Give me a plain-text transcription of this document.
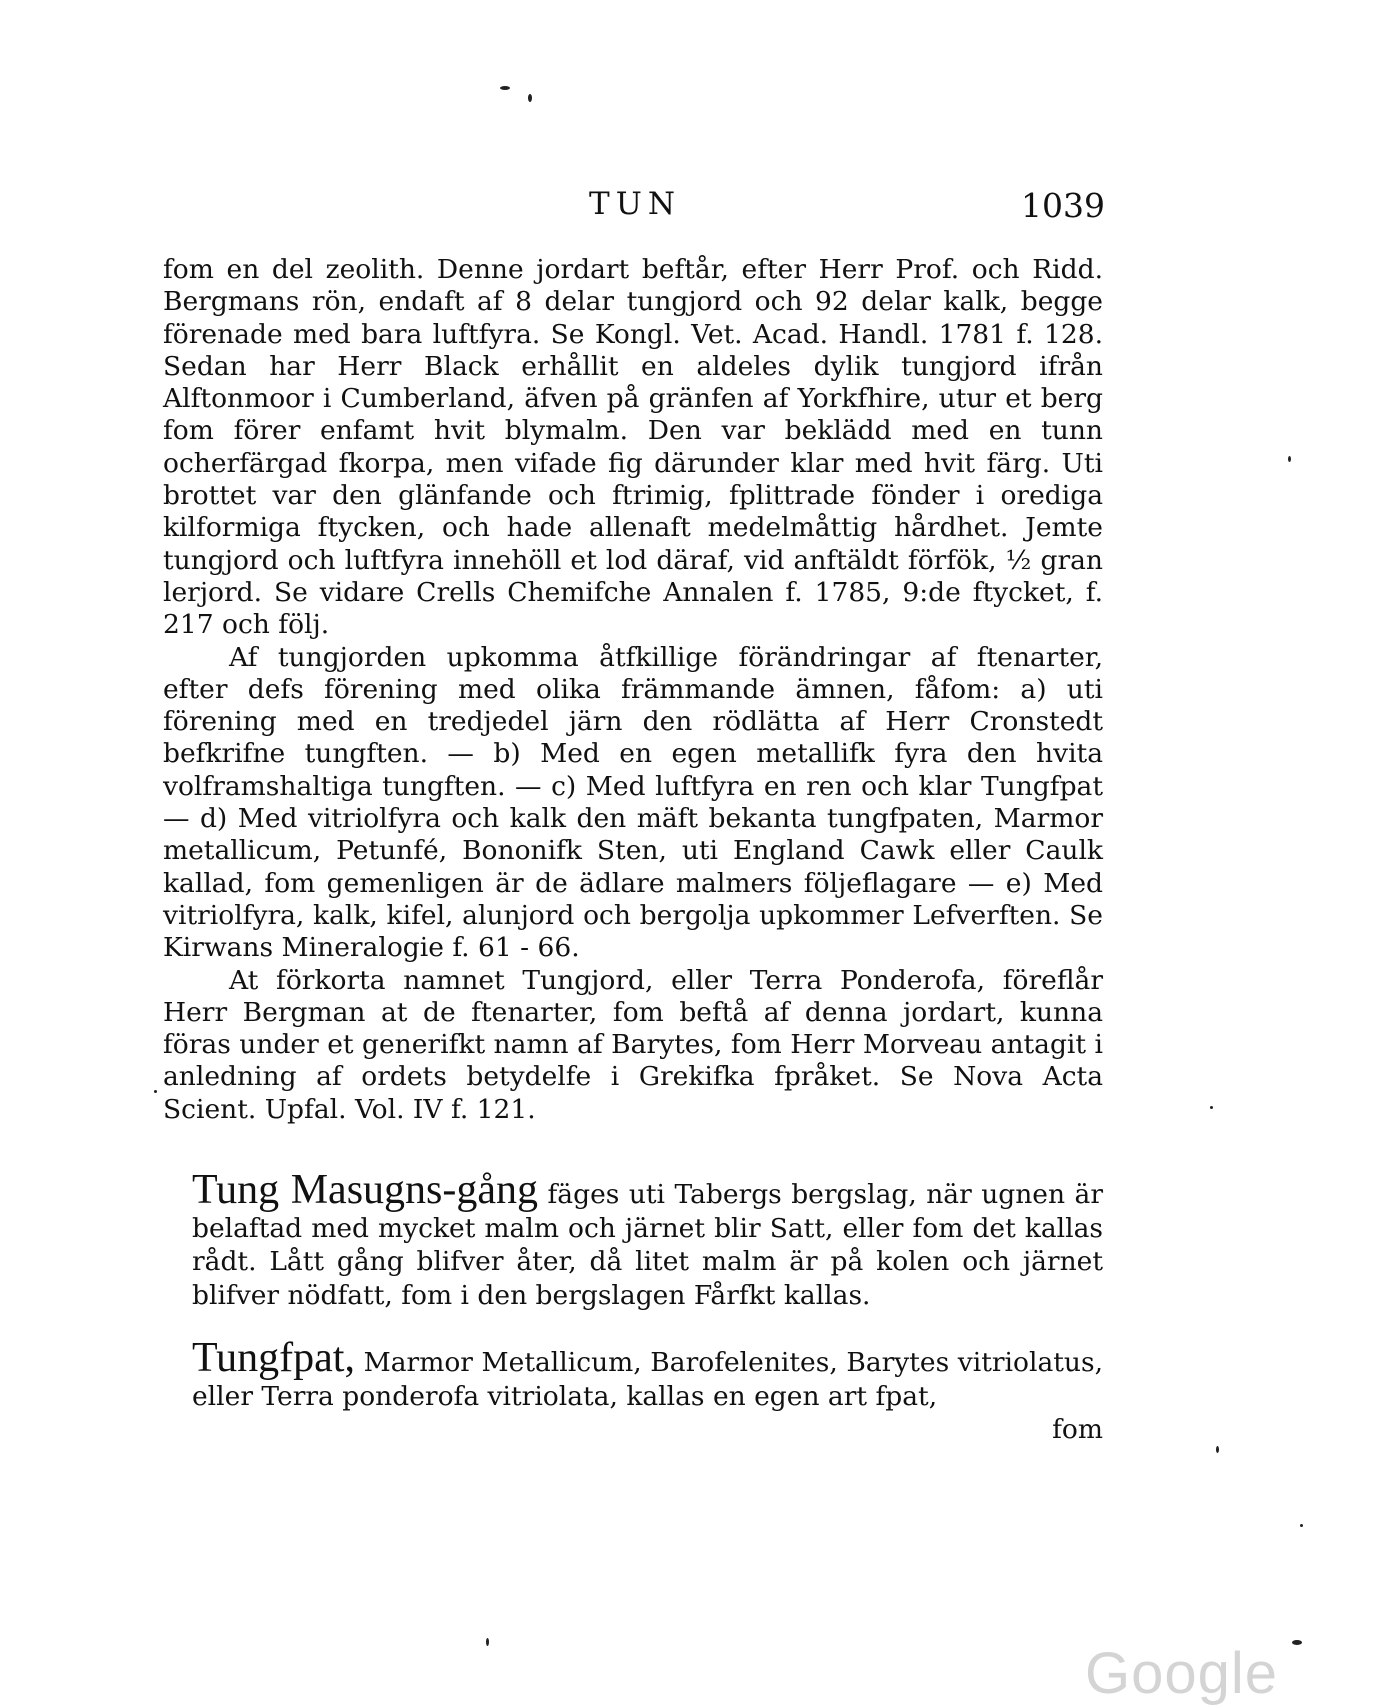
TUN	1039

fom en del zeolith. Denne jordart beftår, efter Herr Prof. och Ridd. Bergmans rön, endaft af 8 delar tungjord och 92 delar kalk, begge förenade med bara luftfyra. Se Kongl. Vet. Acad. Handl. 1781 f. 128. Sedan har Herr Black erhållit en aldeles dylik tungjord ifrån Alftonmoor i Cumberland, äfven på gränfen af Yorkfhire, utur et berg fom förer enfamt hvit blymalm. Den var beklädd med en tunn ocherfärgad fkorpa, men vifade fig därunder klar med hvit färg. Uti brottet var den glänfande och ftrimig, fplittrade fönder i orediga kilformiga ftycken, och hade allenaft medelmåttig hårdhet. Jemte tungjord och luftfyra innehöll et lod däraf, vid anftäldt förfök, ½ gran lerjord. Se vidare Crells Chemifche Annalen f. 1785, 9:de ftycket, f. 217 och följ.

Af tungjorden upkomma åtfkillige förändringar af ftenarter, efter defs förening med olika främmande ämnen, fåfom: a) uti förening med en tredjedel järn den rödlätta af Herr Cronstedt befkrifne tungften. — b) Med en egen metallifk fyra den hvita volframshaltiga tungften. — c) Med luftfyra en ren och klar Tungfpat — d) Med vitriolfyra och kalk den mäft bekanta tungfpaten, Marmor metallicum, Petunfé, Bononifk Sten, uti England Cawk eller Caulk kallad, fom gemenligen är de ädlare malmers följeflagare — e) Med vitriolfyra, kalk, kifel, alunjord och bergolja upkommer Lefverften. Se Kirwans Mineralogie f. 61 - 66.

At förkorta namnet Tungjord, eller Terra Ponderofa, föreflår Herr Bergman at de ftenarter, fom beftå af denna jordart, kunna föras under et generifkt namn af Barytes, fom Herr Morveau antagit i anledning af ordets betydelfe i Grekifka fpråket. Se Nova Acta Scient. Upfal. Vol. IV f. 121.

Tung Masugns-gång fäges uti Tabergs bergslag, när ugnen är belaftad med mycket malm och järnet blir Satt, eller fom det kallas rådt. Lått gång blifver åter, då litet malm är på kolen och järnet blifver nödfatt, fom i den bergslagen Fårfkt kallas.
Tungfpat, Marmor Metallicum, Barofelenites, Barytes vitriolatus, eller Terra ponderofa vitriolata, kallas en egen art fpat,
fom
Google
